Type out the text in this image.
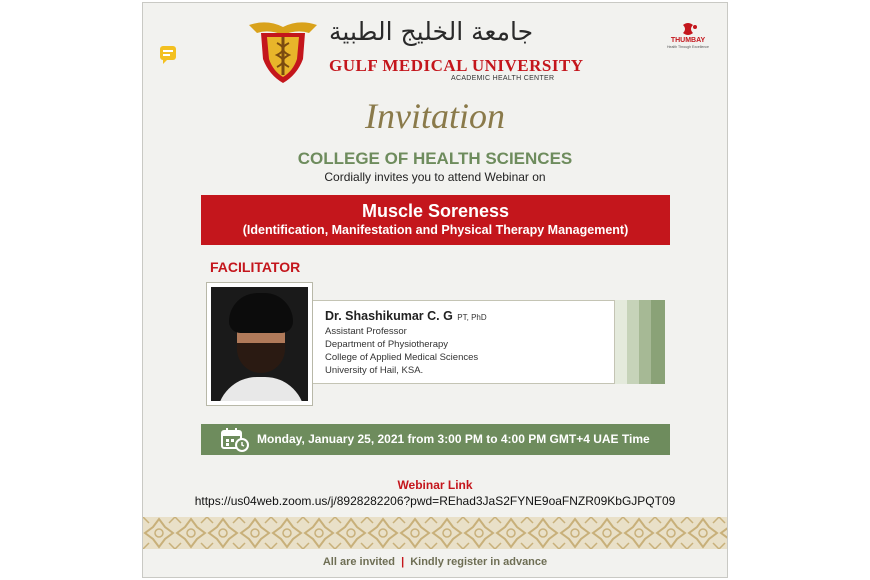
جامعة الخليج الطبية
GULF MEDICAL UNIVERSITY
ACADEMIC HEALTH CENTER
THUMBAY
Health Through Excellence
Invitation
COLLEGE OF HEALTH SCIENCES
Cordially invites you to attend Webinar on
Muscle Soreness
(Identification, Manifestation and Physical Therapy Management)
FACILITATOR
Dr. Shashikumar C. G PT, PhD
Assistant Professor
Department of Physiotherapy
College of Applied Medical Sciences
University of Hail, KSA.
Monday, January 25, 2021 from 3:00 PM to 4:00 PM GMT+4 UAE Time
Webinar Link
https://us04web.zoom.us/j/8928282206?pwd=REhad3JaS2FYNE9oaFNZR09KbGJPQT09
All are invited | Kindly register in advance
